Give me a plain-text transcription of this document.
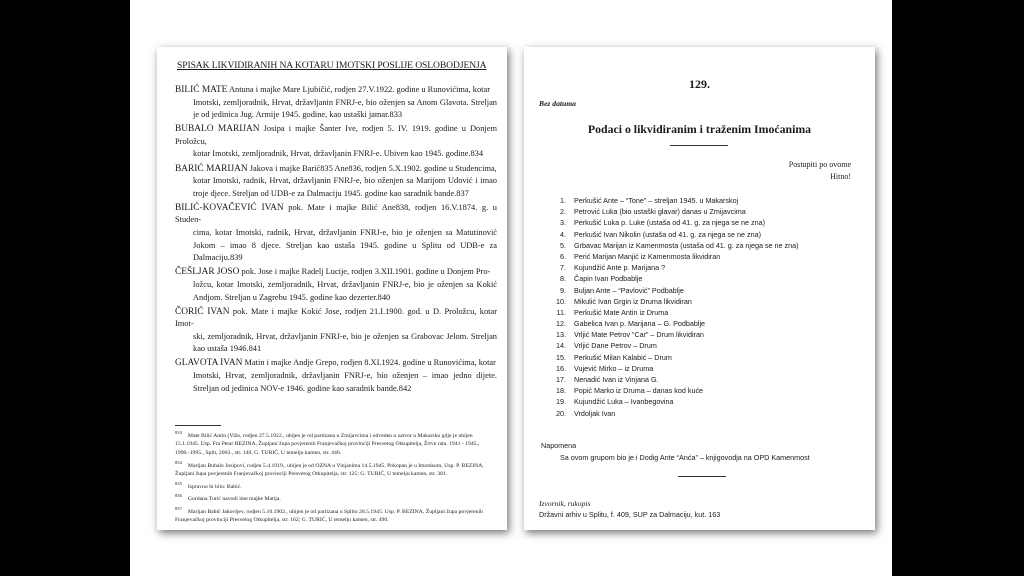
SPISAK LIKVIDIRANIH NA KOTARU IMOTSKI POSLIJE OSLOBODJENJA
BILIĆ MATE Antuna i majke Mare Ljubičić, rodjen 27.V.1922. godine u Runovićima, kotar
Imotski, zemljoradnik, Hrvat, državljanin FNRJ-e, bio oženjen sa Anom Glavota. Streljan je od jedinica Jug. Armije 1945. godine, kao ustaški jamar.833
BUBALO MARIJAN Josipa i majke Šanter Ive, rodjen 5. IV. 1919. godine u Donjem Proložcu,
kotar Imotski, zemljoradnik, Hrvat, državljanin FNRJ-e. Ubiven kao 1945. godine.834
BARIĆ MARIJAN Jakova i majke Barić835 Ane836, rodjen 5.X.1902. godine u Studencima,
kotar Imotski, radnik, Hrvat, državljanin FNRJ-e, bio oženjen sa Marijom Udović i imao troje djece. Streljan od UDB-e za Dalmaciju 1945. godine kao saradnik bande.837
BILIĆ-KOVAČEVIĆ IVAN pok. Mate i majke Bilić Ane838, rodjen 16.V.1874. g. u Studen-
cima, kotar Imotski, radnik, Hrvat, državljanin FNRJ-e, bio je oženjen sa Matutinović Jokom – imao 8 djece. Streljan kao ustaša 1945. godine u Splitu od UDB-e za Dalmaciju.839
ČEŠLJAR JOSO pok. Jose i majke Radelj Lucije, rodjen 3.XII.1901. godine u Donjem Pro-
ložcu, kotar Imotski, zemljoradnik, Hrvat, državljanin FNRJ-e, bio je oženjen sa Kokić Andjom. Streljan u Zagrebu 1945. godine kao dezerter.840
ČORIĆ IVAN pok. Mate i majke Kokić Jose, rodjen 21.I.1900. god. u D. Proložcu, kotar Imot-
ski, zemljoradnik, Hrvat, državljanin FNRJ-e, bio je oženjen sa Grabovac Jelom. Streljan kao ustaša 1946.841
GLAVOTA IVAN Matin i majke Andje Grepo, rodjen 8.XI.1924. godine u Runovićima, kotar
Imotski, Hrvat, zemljoradnik, državljanin FNRJ-e, bio oženjen – imao jedno dijete. Streljan od jedinica NOV-e 1946. godine kao saradnik bande.842
$^{833}$Mate Bilić Antin (Vižo, rodjen 27.5.1922., ubijen je od partizana u Zmijavcima i odveden u zatvor u Makarsku gdje je ubijen 15.1.1945. Usp. Fra Petar BEZINA, Župljani župa povjerenih Franjevačkoj provinciji Presvetog Otkupitelja, Žrtve rata. 1941 - 1945., 1990.-1995., Split, 2003., str. 140, G. TURIĆ, U temelju kamen, str. 446.
$^{834}$Marijan Bubalo Josipovi, rodjen 5.4.1919., ubijen je od OZNA u Vinjanima 14.5.1945. Pokopan je u Imotskom, Usp. P. BEZINA, Župljani župa povjerenih Franjevačkoj provinciji Presvetog Otkupitelja, str. 125; G. TURIĆ, U temelju kamen, str. 381.
$^{835}$Ispravno bi bilo: Babić.
$^{836}$Gordana Turić navodi ime majke Matija.
$^{837}$Marijan Babić Jakovljev, rodjen 5.10.1902., ubijen je od partizana u Splitu 28.5.1945. Usp. P. BEZINA, Župljani župa povjerenih Franjevačkoj provinciji Presvetog Otkupitelja, str. 162; G. TURIĆ, U temelju kamen, str. 490.
129.
Bez datuma
Podaci o likvidiranim i traženim Imoćanima
Postupiti po ovome
Hitno!
1.	Perkušić Ante – “Tone” – streljan 1945. u Makarskoj
2.	Petrović Luka (bio ustaški glavar) danas u Zmijavcima
3.	Perkušić Luka p. Luke (ustaša od 41. g. za njega se ne zna)
4.	Perkušić Ivan Nikolin (ustaša od 41. g. za njega se ne zna)
5.	Grbavac Marijan iz Kamenmosta (ustaša od 41. g. za njega se ne zna)
6.	Perić Marijan Manjić iz Kamenmosta likvidiran
7.	Kujundžić Ante p. Marijana ?
8.	Čapin Ivan Podbablje
9.	Buljan Ante – “Pavlović” Podbablje
10.	Mikulić Ivan Grgin iz Druma likvidiran
11.	Perkušić Mate Antin iz Druma
12.	Gabelica Ivan p. Marijana – G. Podbablje
13.	Vrljić Mate Petrov “Car” – Drum likvidiran
14.	Vrljić Dane Petrov – Drum
15.	Perkušić Milan Kalabić – Drum
16.	Vujević Mirko – iz Druma
17.	Nenadić Ivan iz Vinjana G.
18.	Popić Marko iz Druma – danas kod kuće
19.	Kujundžić Luka – Ivanbegovina
20.	Vrdoljak Ivan
Napomena
Sa ovom grupom bio je i Dodig Ante “Anća” – knjigovodja na OPD Kamenmost
Izvornik, rukopis
Državni arhiv u Splitu, f. 409, SUP za Dalmaciju, kut. 163
